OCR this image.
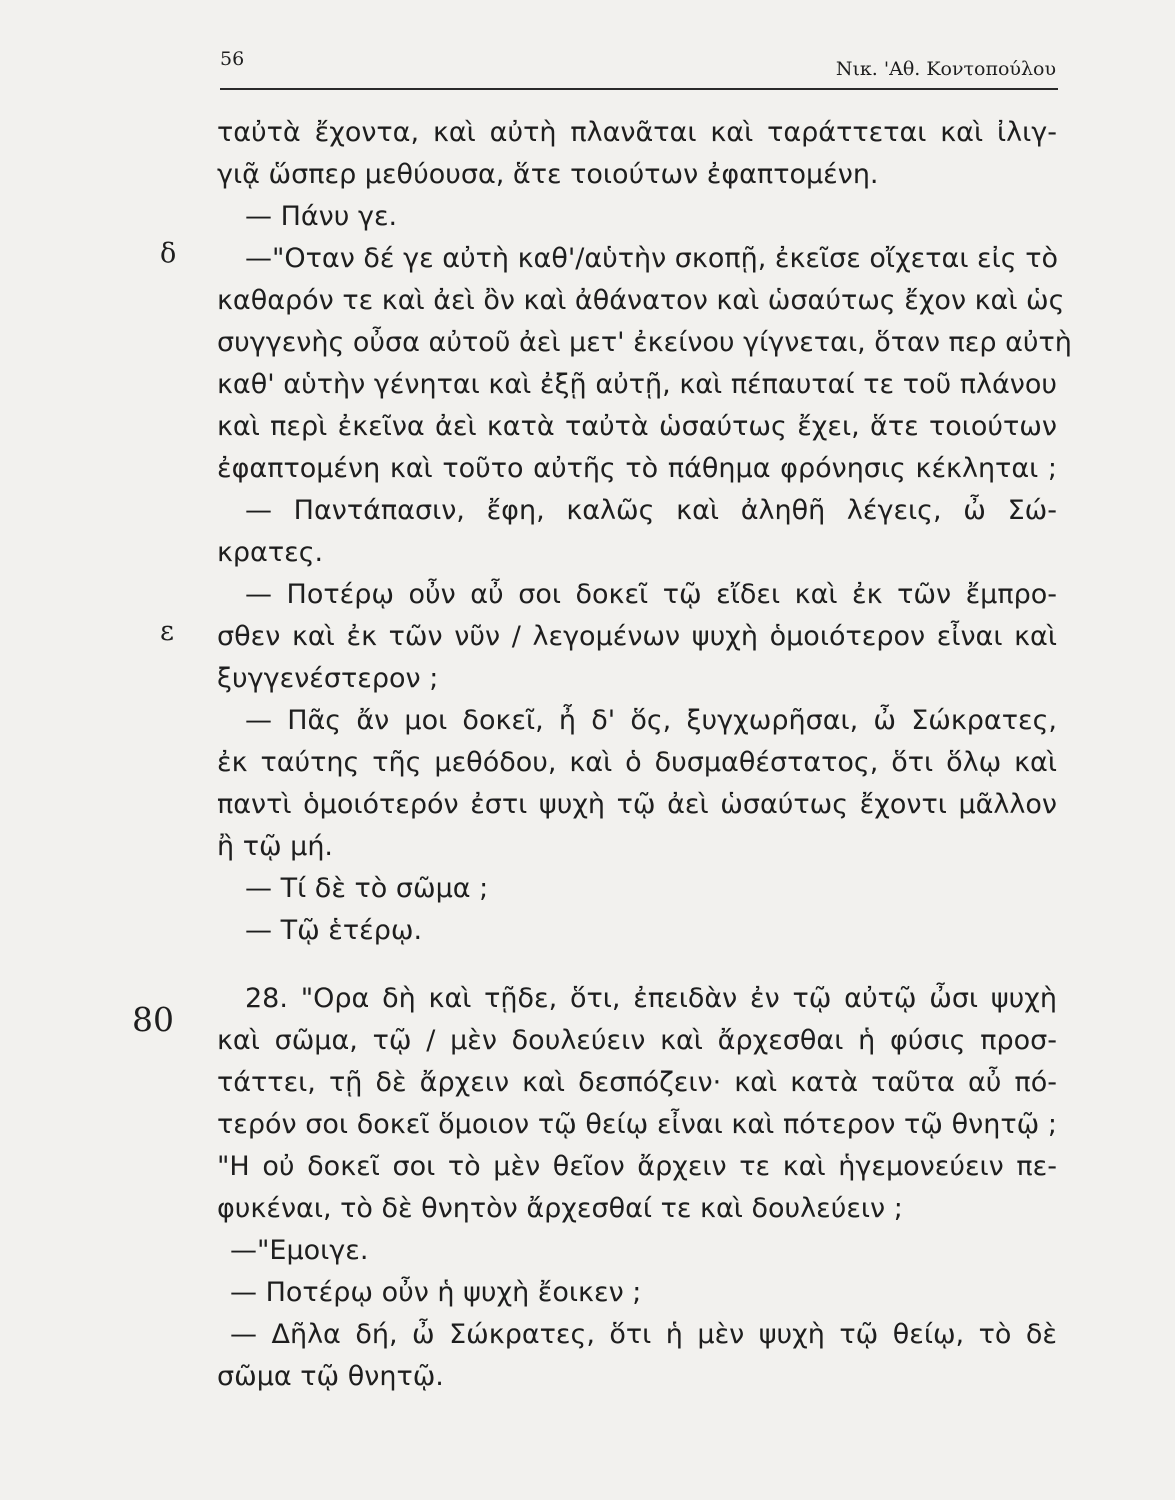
56	Νικ. 'Αθ. Κοντοπούλου
δ
ε
80
ταὐτὰ ἔχοντα, καὶ αὐτὴ πλανᾶται καὶ ταράττεται καὶ ἰλιγ-
γιᾷ ὥσπερ μεθύουσα, ἅτε τοιούτων ἐφαπτομένη.
— Πάνυ γε.
—"Οταν δέ γε αὐτὴ καθ'/αὑτὴν σκοπῇ, ἐκεῖσε οἴχεται εἰς τὸ
καθαρόν τε καὶ ἀεὶ ὂν καὶ ἀθάνατον καὶ ὡσαύτως ἔχον καὶ ὡς
συγγενὴς οὖσα αὐτοῦ ἀεὶ μετ' ἐκείνου γίγνεται, ὅταν περ αὐτὴ
καθ' αὑτὴν γένηται καὶ ἐξῇ αὐτῇ, καὶ πέπαυταί τε τοῦ πλάνου
καὶ περὶ ἐκεῖνα ἀεὶ κατὰ ταὐτὰ ὡσαύτως ἔχει, ἅτε τοιούτων
ἐφαπτομένη καὶ τοῦτο αὐτῆς τὸ πάθημα φρόνησις κέκληται ;
— Παντάπασιν, ἔφη, καλῶς καὶ ἀληθῆ λέγεις, ὦ Σώ-
κρατες.
— Ποτέρῳ οὖν αὖ σοι δοκεῖ τῷ εἴδει καὶ ἐκ τῶν ἔμπρο-
σθεν καὶ ἐκ τῶν νῦν / λεγομένων ψυχὴ ὁμοιότερον εἶναι καὶ
ξυγγενέστερον ;
— Πᾶς ἄν μοι δοκεῖ, ἦ δ' ὅς, ξυγχωρῆσαι, ὦ Σώκρατες,
ἐκ ταύτης τῆς μεθόδου, καὶ ὁ δυσμαθέστατος, ὅτι ὅλῳ καὶ
παντὶ ὁμοιότερόν ἐστι ψυχὴ τῷ ἀεὶ ὡσαύτως ἔχοντι μᾶλλον
ἢ τῷ μή.
— Τί δὲ τὸ σῶμα ;
— Τῷ ἑτέρῳ.
28. "Ορα δὴ καὶ τῇδε, ὅτι, ἐπειδὰν ἐν τῷ αὐτῷ ὦσι ψυχὴ
καὶ σῶμα, τῷ / μὲν δουλεύειν καὶ ἄρχεσθαι ἡ φύσις προσ-
τάττει, τῇ δὲ ἄρχειν καὶ δεσπόζειν· καὶ κατὰ ταῦτα αὖ πό-
τερόν σοι δοκεῖ ὅμοιον τῷ θείῳ εἶναι καὶ πότερον τῷ θνητῷ ;
"Η οὐ δοκεῖ σοι τὸ μὲν θεῖον ἄρχειν τε καὶ ἡγεμονεύειν πε-
φυκέναι, τὸ δὲ θνητὸν ἄρχεσθαί τε καὶ δουλεύειν ;
—"Εμοιγε.
— Ποτέρῳ οὖν ἡ ψυχὴ ἔοικεν ;
— Δῆλα δή, ὦ Σώκρατες, ὅτι ἡ μὲν ψυχὴ τῷ θείῳ, τὸ δὲ
σῶμα τῷ θνητῷ.
